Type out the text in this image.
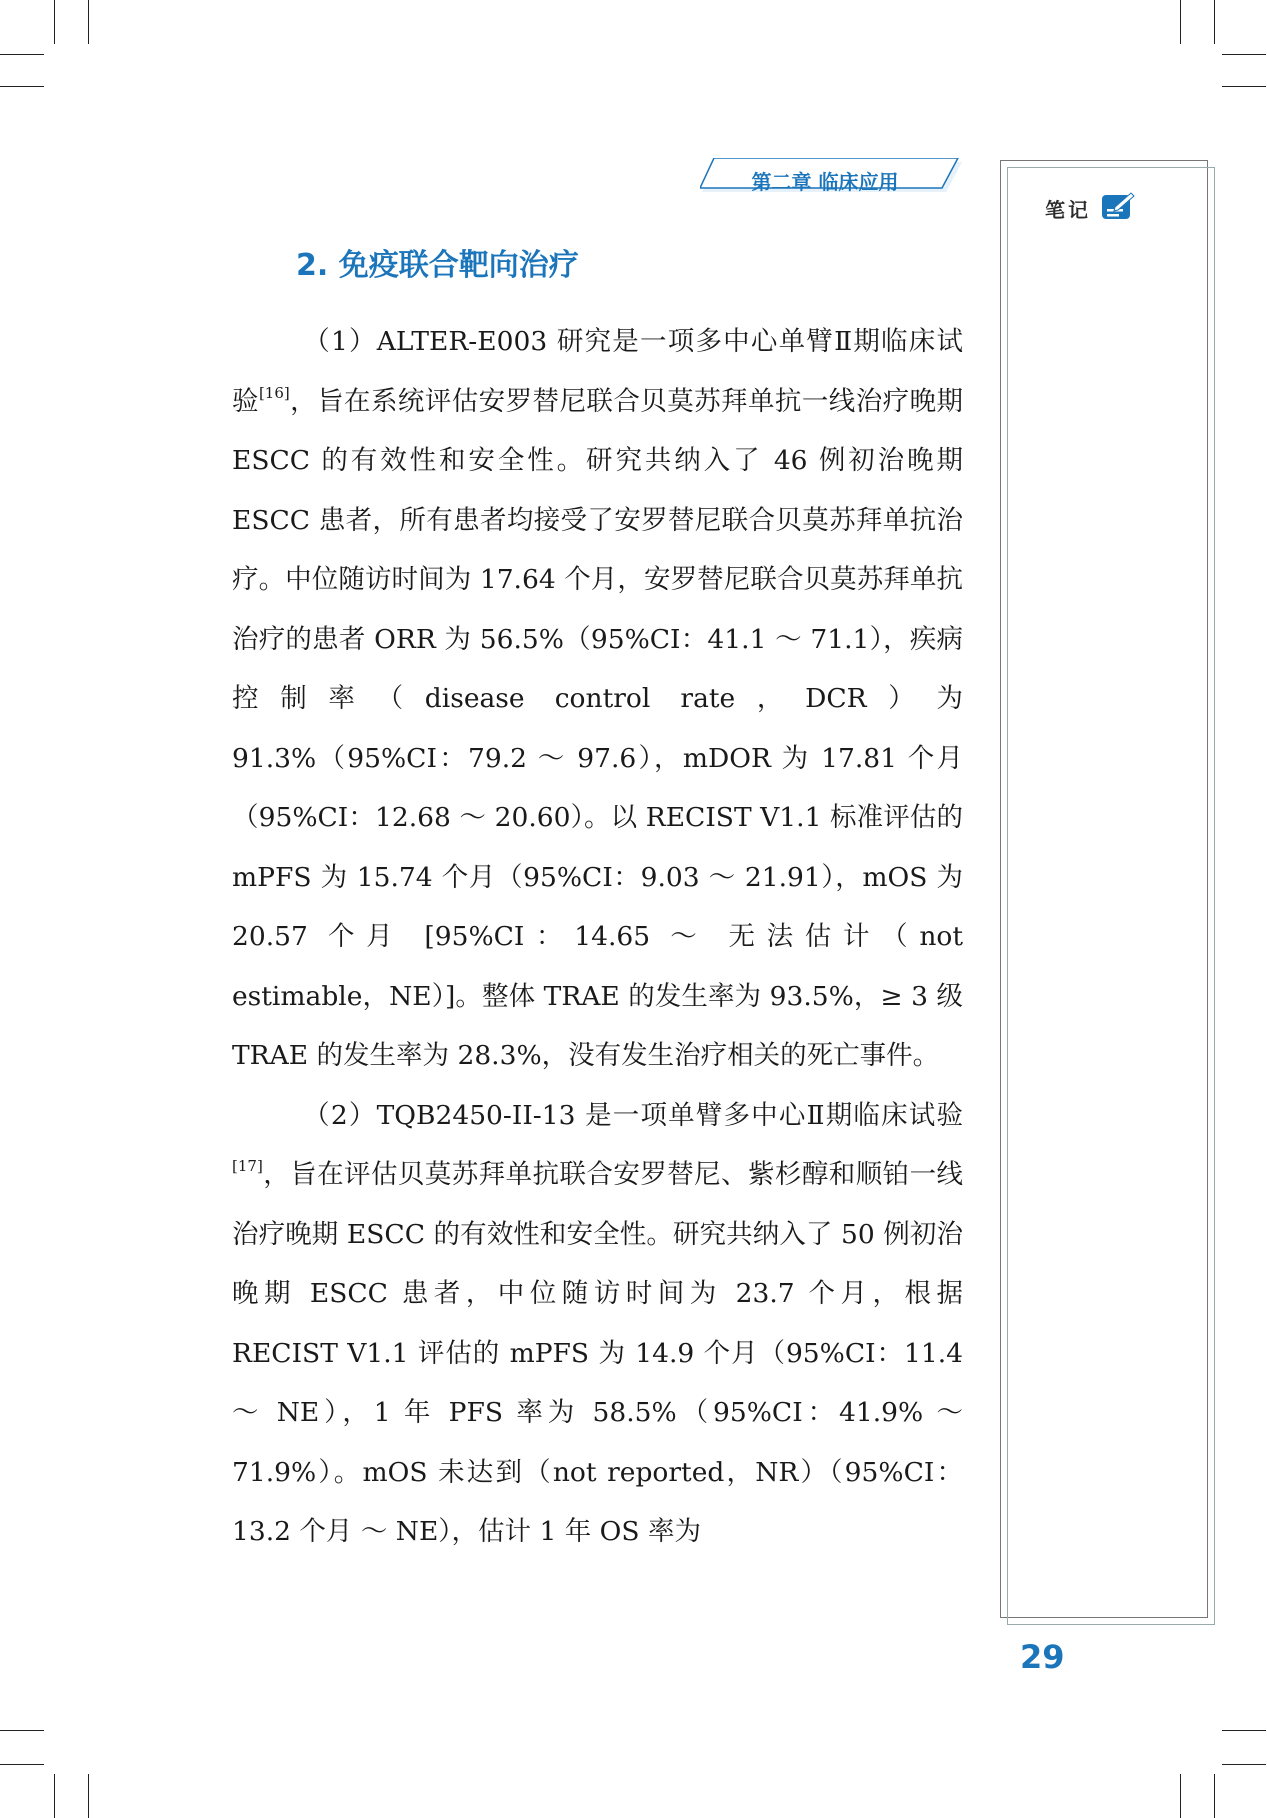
第二章 临床应用
笔记
2. 免疫联合靶向治疗

（1）ALTER-E003 研究是一项多中心单臂Ⅱ期临床试验[16]，旨在系统评估安罗替尼联合贝莫苏拜单抗一线治疗晚期 ESCC 的有效性和安全性。研究共纳入了 46 例初治晚期 ESCC 患者，所有患者均接受了安罗替尼联合贝莫苏拜单抗治疗。中位随访时间为 17.64 个月，安罗替尼联合贝莫苏拜单抗治疗的患者 ORR 为 56.5%（95%CI：41.1 ～ 71.1），疾病控制率（disease control rate，DCR）为 91.3%（95%CI：79.2 ～ 97.6），mDOR 为 17.81 个月（95%CI：12.68 ～ 20.60）。以 RECIST V1.1 标准评估的 mPFS 为 15.74 个月（95%CI：9.03 ～ 21.91），mOS 为 20.57 个月 [95%CI：14.65 ～ 无法估计（not estimable，NE）]。整体 TRAE 的发生率为 93.5%，≥ 3 级 TRAE 的发生率为 28.3%，没有发生治疗相关的死亡事件。

（2）TQB2450-II-13 是一项单臂多中心Ⅱ期临床试验[17]，旨在评估贝莫苏拜单抗联合安罗替尼、紫杉醇和顺铂一线治疗晚期 ESCC 的有效性和安全性。研究共纳入了 50 例初治晚期 ESCC 患者，中位随访时间为 23.7 个月，根据 RECIST V1.1 评估的 mPFS 为 14.9 个月（95%CI：11.4 ～ NE），1 年 PFS 率为 58.5%（95%CI：41.9% ～ 71.9%）。mOS 未达到（not reported，NR）（95%CI：13.2 个月 ～ NE），估计 1 年 OS 率为

29
